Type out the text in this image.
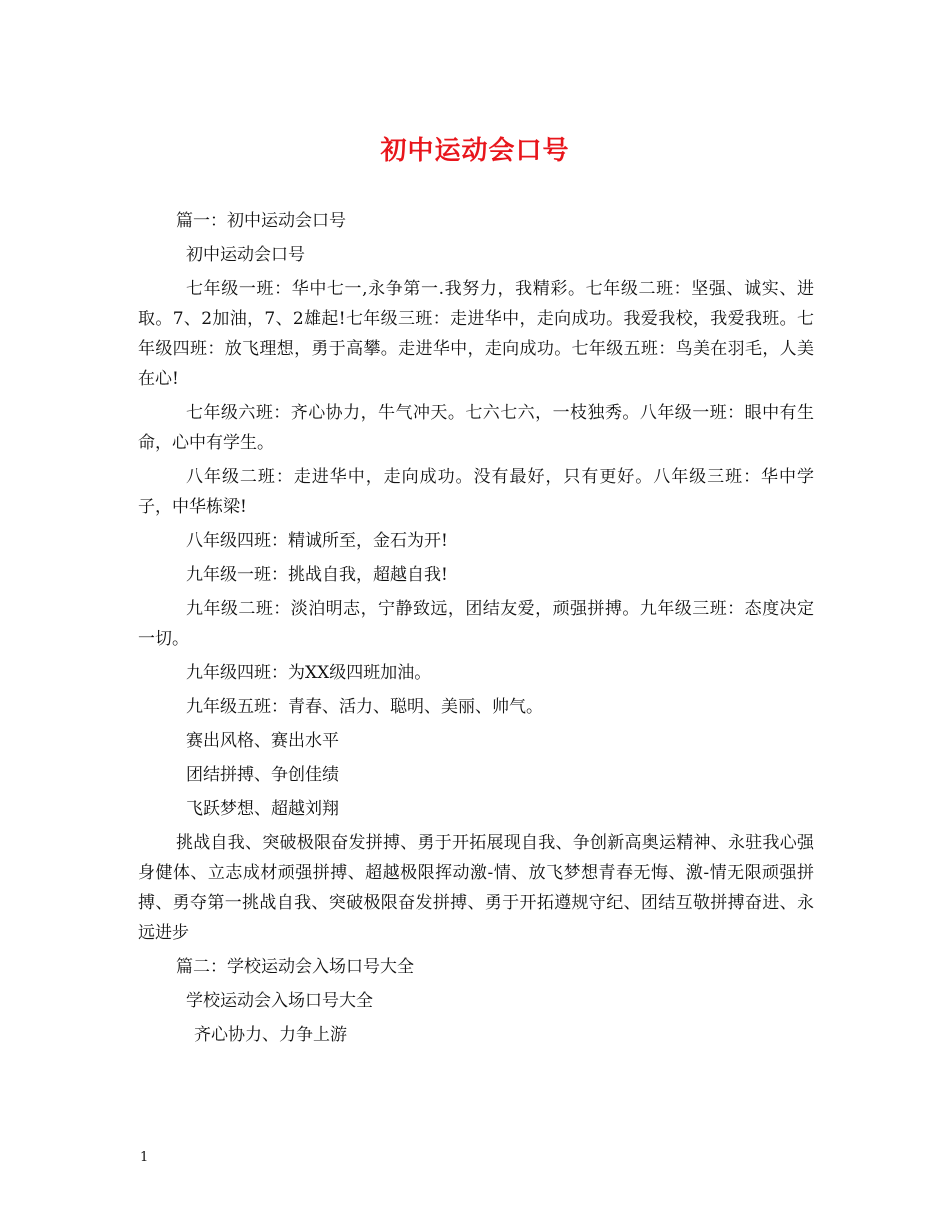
初中运动会口号

篇一：初中运动会口号

初中运动会口号

七年级一班：华中七一,永争第一.我努力，我精彩。七年级二班：坚强、诚实、进取。7、2加油，7、2雄起!七年级三班：走进华中，走向成功。我爱我校，我爱我班。七年级四班：放飞理想，勇于高攀。走进华中，走向成功。七年级五班：鸟美在羽毛，人美在心!

七年级六班：齐心协力，牛气冲天。七六七六，一枝独秀。八年级一班：眼中有生命，心中有学生。

八年级二班：走进华中，走向成功。没有最好，只有更好。八年级三班：华中学子，中华栋梁!

八年级四班：精诚所至，金石为开!

九年级一班：挑战自我，超越自我!

九年级二班：淡泊明志，宁静致远，团结友爱，顽强拼搏。九年级三班：态度决定一切。

九年级四班：为XX级四班加油。

九年级五班：青春、活力、聪明、美丽、帅气。

赛出风格、赛出水平

团结拼搏、争创佳绩

飞跃梦想、超越刘翔

挑战自我、突破极限奋发拼搏、勇于开拓展现自我、争创新高奥运精神、永驻我心强身健体、立志成材顽强拼搏、超越极限挥动激-情、放飞梦想青春无悔、激-情无限顽强拼搏、勇夺第一挑战自我、突破极限奋发拼搏、勇于开拓遵规守纪、团结互敬拼搏奋进、永远进步

篇二：学校运动会入场口号大全

学校运动会入场口号大全

齐心协力、力争上游

1
